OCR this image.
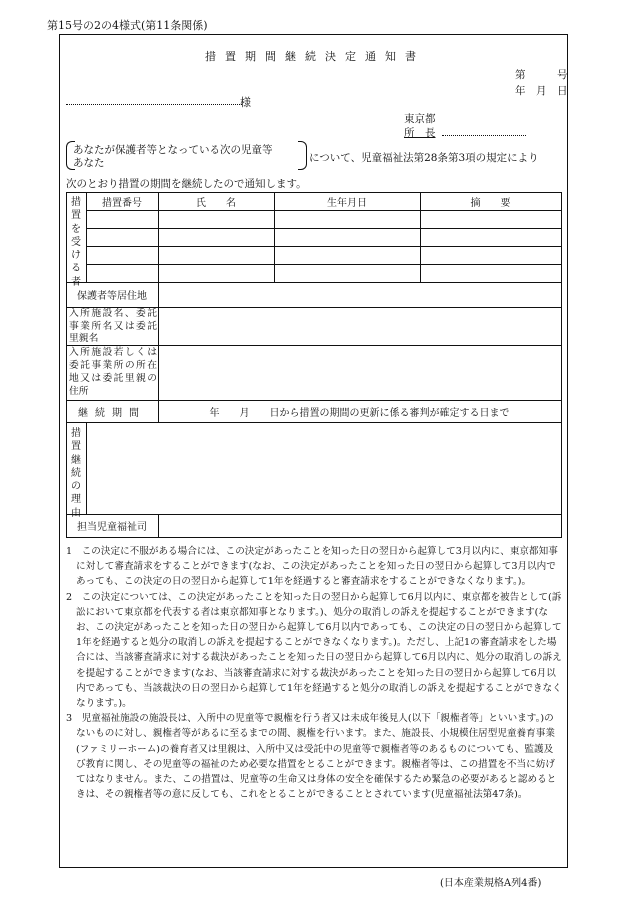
第15号の2の4様式(第11条関係)
措置期間継続決定通知書
第　　　号
年　月　日
様
東京都
所　長
あなたが保護者等となっている次の児童等
あなた	について、児童福祉法第28条第3項の規定により
次のとおり措置の期間を継続したので通知します。
措置を受ける者
措置番号	氏　　名	生年月日	摘　　要
保護者等居住地
入所施設名、委託事業所名又は委託里親名
入所施設若しくは委託事業所の所在地又は委託里親の住所
継続期間	年　　月　　日から措置の期間の更新に係る審判が確定する日まで
措置継続の理由
担当児童福祉司

1　この決定に不服がある場合には、この決定があったことを知った日の翌日から起算して3月以内に、東京都知事に対して審査請求をすることができます(なお、この決定があったことを知った日の翌日から起算して3月以内であっても、この決定の日の翌日から起算して1年を経過すると審査請求をすることができなくなります。)。

2　この決定については、この決定があったことを知った日の翌日から起算して6月以内に、東京都を被告として(訴訟において東京都を代表する者は東京都知事となります。)、処分の取消しの訴えを提起することができます(なお、この決定があったことを知った日の翌日から起算して6月以内であっても、この決定の日の翌日から起算して1年を経過すると処分の取消しの訴えを提起することができなくなります。)。ただし、上記1の審査請求をした場合には、当該審査請求に対する裁決があったことを知った日の翌日から起算して6月以内に、処分の取消しの訴えを提起することができます(なお、当該審査請求に対する裁決があったことを知った日の翌日から起算して6月以内であっても、当該裁決の日の翌日から起算して1年を経過すると処分の取消しの訴えを提起することができなくなります。)。

3　児童福祉施設の施設長は、入所中の児童等で親権を行う者又は未成年後見人(以下「親権者等」といいます。)のないものに対し、親権者等があるに至るまでの間、親権を行います。また、施設長、小規模住居型児童養育事業(ファミリーホーム)の養育者又は里親は、入所中又は受託中の児童等で親権者等のあるものについても、監護及び教育に関し、その児童等の福祉のため必要な措置をとることができます。親権者等は、この措置を不当に妨げてはなりません。また、この措置は、児童等の生命又は身体の安全を確保するため緊急の必要があると認めるときは、その親権者等の意に反しても、これをとることができることとされています(児童福祉法第47条)。

(日本産業規格A列4番)
